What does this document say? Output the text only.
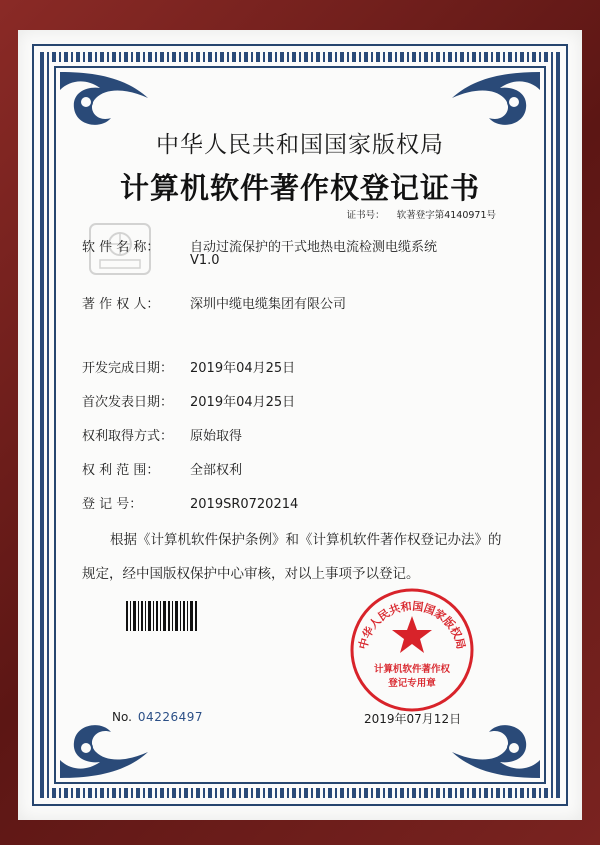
中华人民共和国国家版权局
计算机软件著作权登记证书
证书号： 软著登字第4140971号
软 件 名 称： 自动过流保护的干式地热电流检测电缆系统
V1.0
著 作 权 人： 深圳中缆电缆集团有限公司
开发完成日期： 2019年04月25日
首次发表日期： 2019年04月25日
权利取得方式： 原始取得
权 利 范 围： 全部权利
登 记 号：	2019SR0720214
根据《计算机软件保护条例》和《计算机软件著作权登记办法》的
规定，经中国版权保护中心审核，对以上事项予以登记。
No. 04226497
中华人民共和国国家版权局
计算机软件著作权
登记专用章
2019年07月12日
